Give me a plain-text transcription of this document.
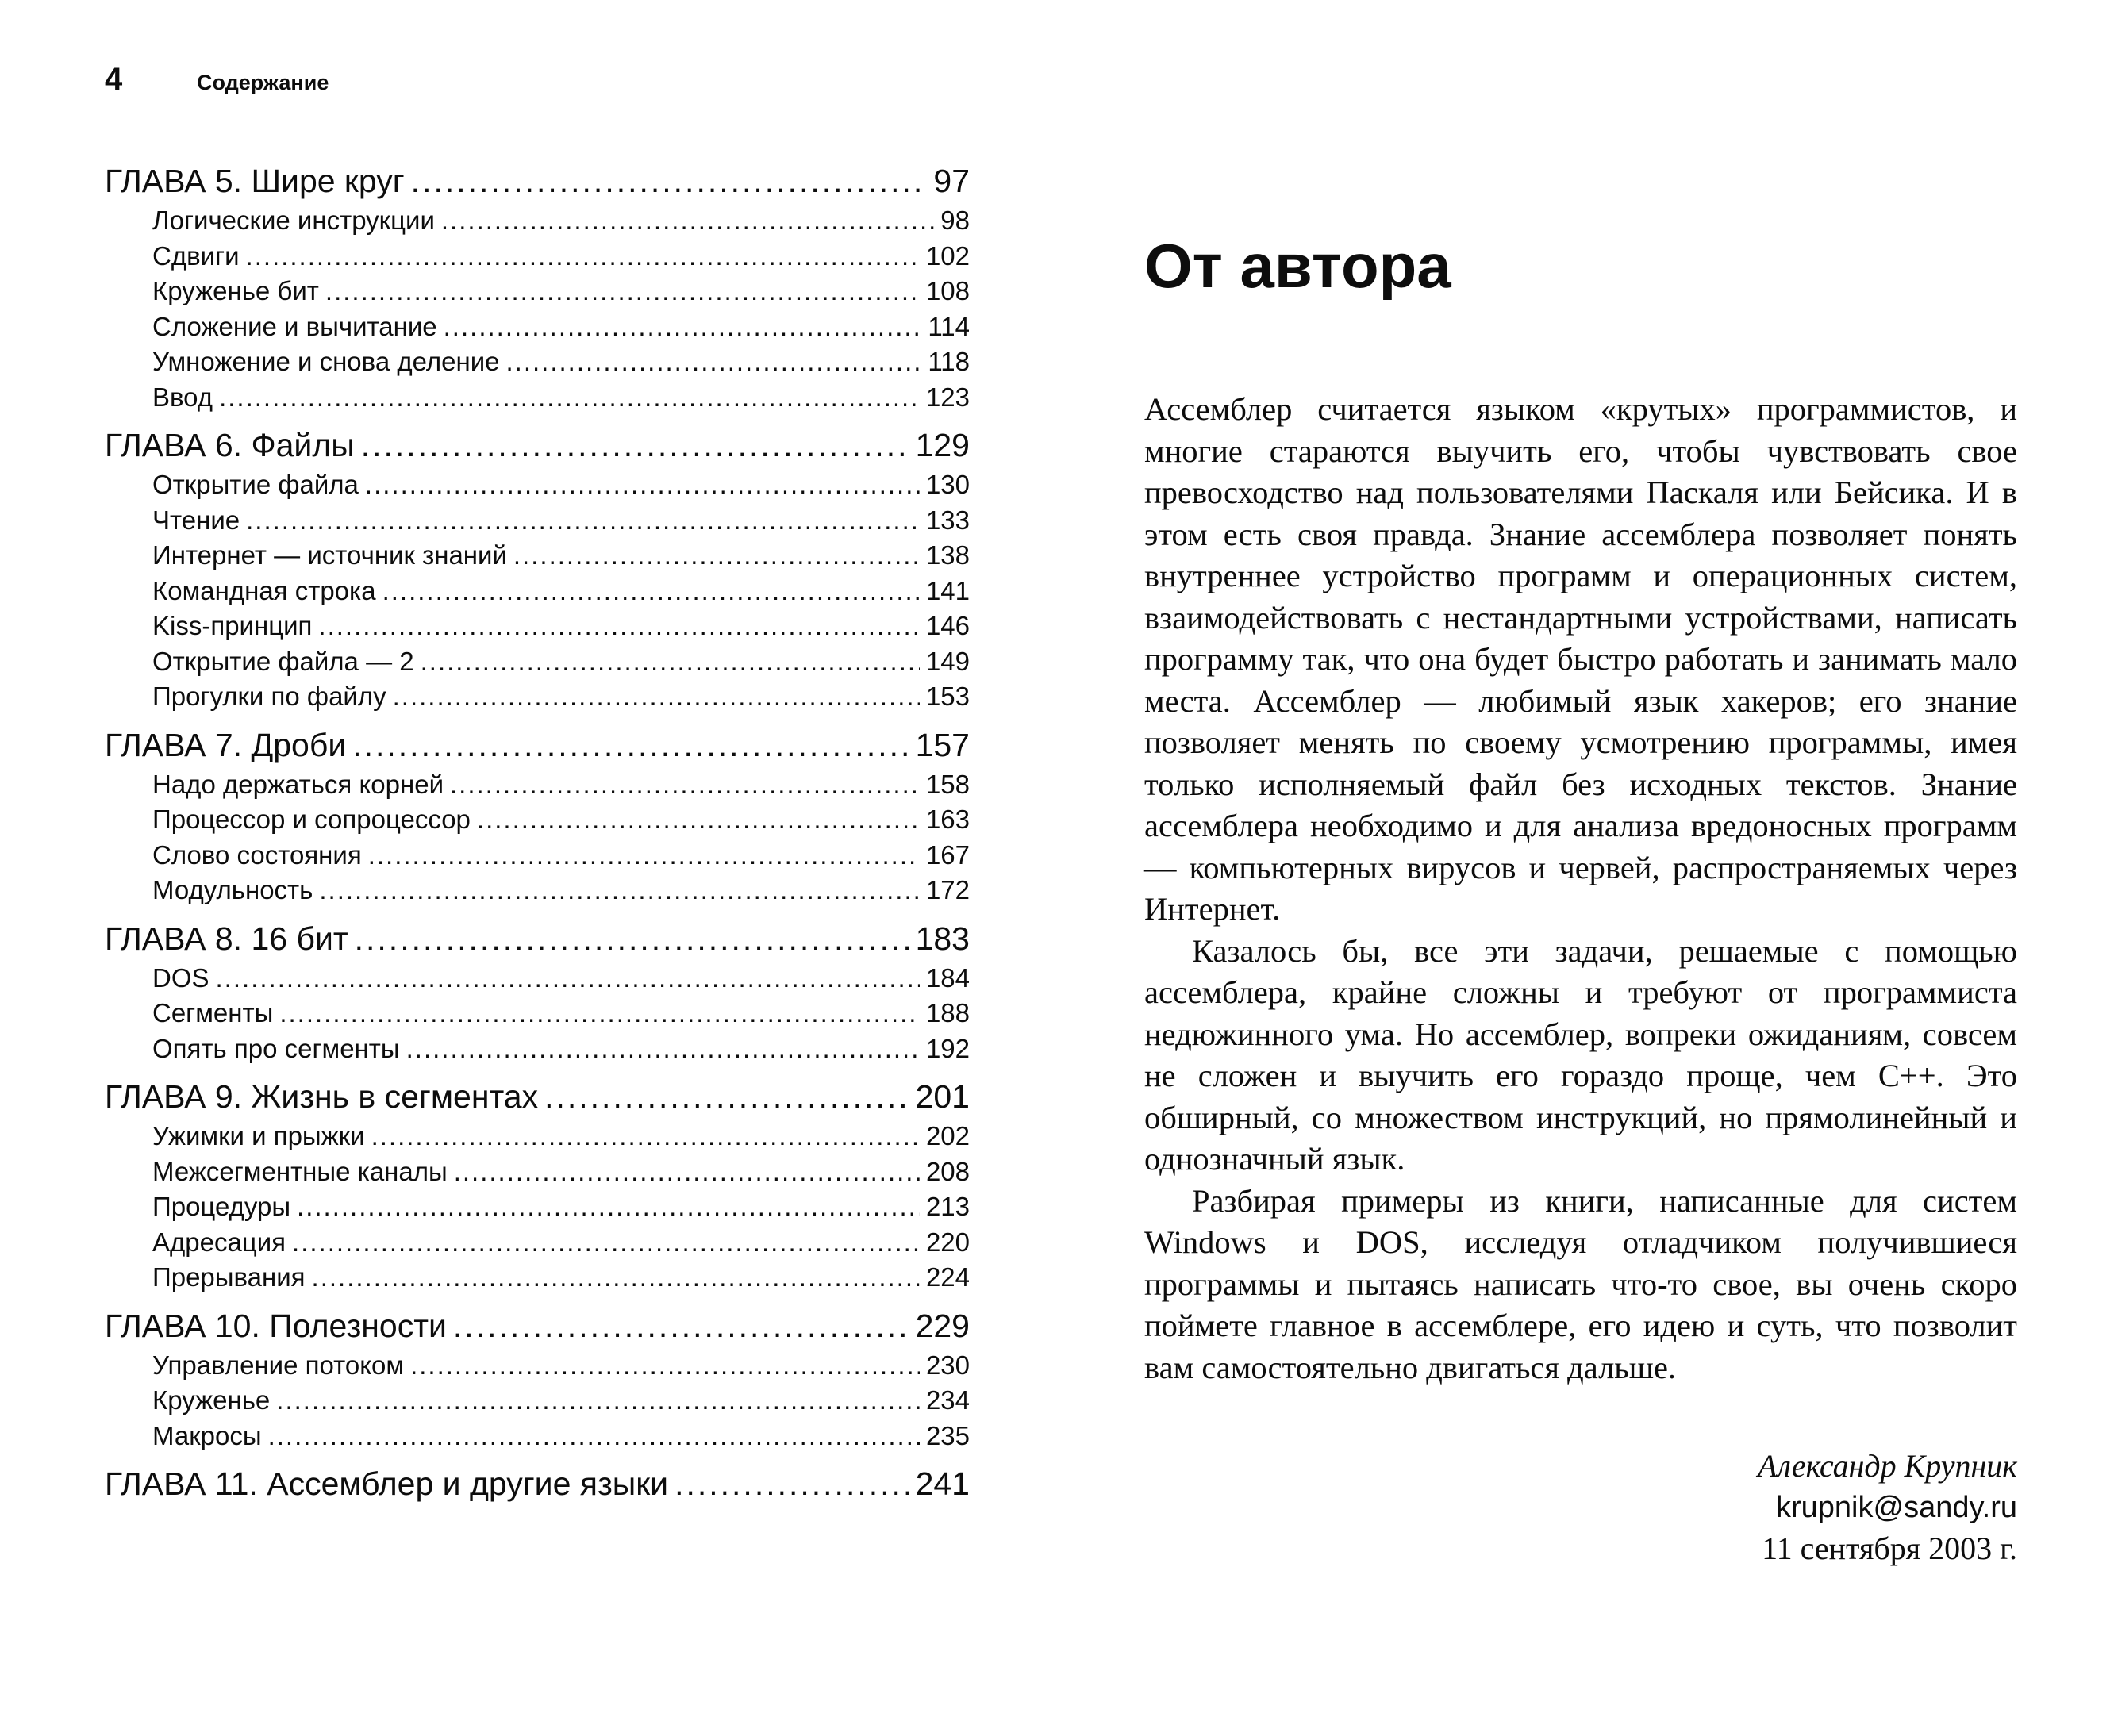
4	Содержание
ГЛАВА 5. Шире круг .....	97
Логические инструкции .....	98
Сдвиги .....	102
Круженье бит .....	108
Сложение и вычитание .....	114
Умножение и снова деление .....	118
Ввод .....	123
ГЛАВА 6. Файлы .....	129
Открытие файла .....	130
Чтение .....	133
Интернет — источник знаний .....	138
Командная строка .....	141
Kiss-принцип .....	146
Открытие файла — 2 .....	149
Прогулки по файлу .....	153
ГЛАВА 7. Дроби .....	157
Надо держаться корней .....	158
Процессор и сопроцессор .....	163
Слово состояния .....	167
Модульность .....	172
ГЛАВА 8. 16 бит .....	183
DOS .....	184
Сегменты .....	188
Опять про сегменты .....	192
ГЛАВА 9. Жизнь в сегментах .....	201
Ужимки и прыжки .....	202
Межсегментные каналы .....	208
Процедуры .....	213
Адресация .....	220
Прерывания .....	224
ГЛАВА 10. Полезности .....	229
Управление потоком .....	230
Круженье .....	234
Макросы .....	235
ГЛАВА 11. Ассемблер и другие языки .....	241
От автора

Ассемблер считается языком «крутых» программистов, и многие стараются выучить его, чтобы чувствовать свое превосходство над пользователями Паскаля или Бейсика. И в этом есть своя правда. Знание ассемблера позволяет понять внутреннее устройство программ и операционных систем, взаимодействовать с нестандартными устройствами, написать программу так, что она будет быстро работать и занимать мало места. Ассемблер — любимый язык хакеров; его знание позволяет менять по своему усмотрению программы, имея только исполняемый файл без исходных текстов. Знание ассемблера необходимо и для анализа вредоносных программ — компьютерных вирусов и червей, распространяемых через Интернет.

Казалось бы, все эти задачи, решаемые с помощью ассемблера, крайне сложны и требуют от программиста недюжинного ума. Но ассемблер, вопреки ожиданиям, совсем не сложен и выучить его гораздо проще, чем C++. Это обширный, со множеством инструкций, но прямолинейный и однозначный язык.

Разбирая примеры из книги, написанные для систем Windows и DOS, исследуя отладчиком получившиеся программы и пытаясь написать что-то свое, вы очень скоро поймете главное в ассемблере, его идею и суть, что позволит вам самостоятельно двигаться дальше.

Александр Крупник
krupnik@sandy.ru
11 сентября 2003 г.
